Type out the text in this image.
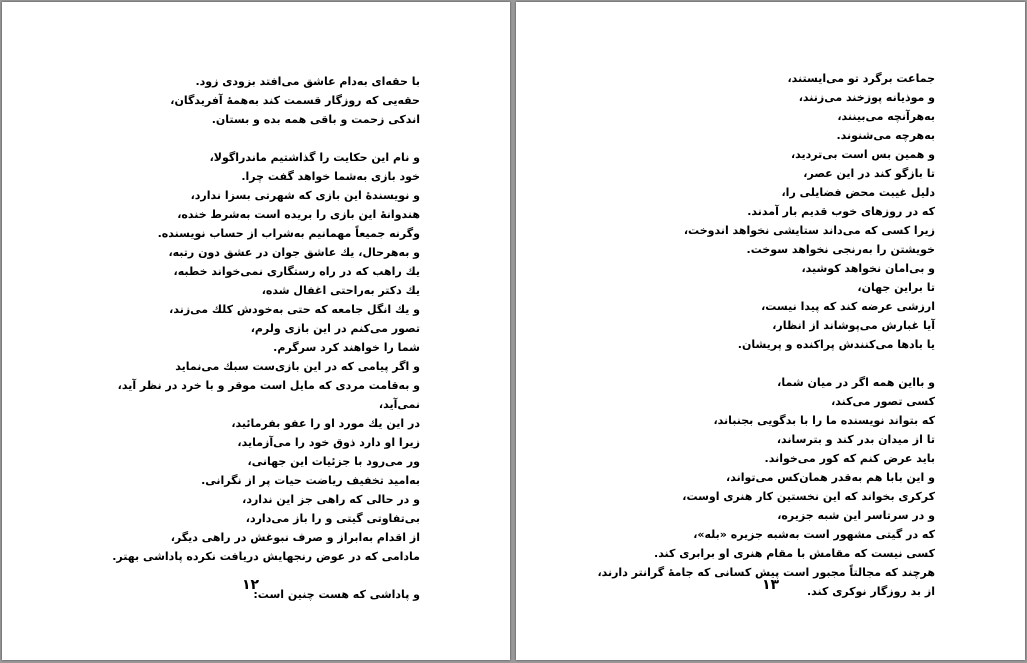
با حقه‌ای به‌دام عاشق می‌افتد بزودی زود.
حقه‌یی که روزگار قسمت کند به‌همهٔ آفریدگان،
اندکی زحمت و باقی همه بده و بستان.
و نام این حکایت را گذاشتیم ماندراگولا،
خود بازی به‌شما خواهد گفت چرا.
و نویسندهٔ این بازی که شهرتی بسزا ندارد،
هندوانهٔ این بازی را بریده است به‌شرط خنده،
وگرنه جمیعاً مهمانیم به‌شراب از حساب نویسنده.
و به‌هرحال، یك عاشق جوان در عشق دون رتبه،
یك راهب که در راه رستگاری نمی‌خواند خطبه،
یك دکتر به‌راحتی اغفال شده،
و یك انگل جامعه که حتی به‌خودش کلك می‌زند،
تصور می‌کنم در این بازی ولرم،
شما را خواهند کرد سرگرم.
و اگر پیامی که در این بازی‌ست سبك می‌نماید
و به‌قامت مردی که مایل است موقر و با خرد در نظر آید،
نمی‌آید،
در این یك مورد او را عفو بفرمائید،
زیرا او دارد ذوق خود را می‌آزماید،
ور می‌رود با جزئیات این جهانی،
به‌امید تخفیف ریاضت حیات پر از نگرانی.
و در حالی که راهی جز این ندارد،
بی‌تفاوتی گیتی و را باز می‌دارد،
از اقدام به‌ابراز و صرف نبوغش در راهی دیگر،
مادامی که در عوض رنجهایش دریافت نکرده پاداشی بهتر.
و پاداشی که هست چنین است:
۱۲
جماعت برگرد تو می‌ایستند،
و موذیانه پوزخند می‌زنند،
به‌هرآنچه می‌بینند،
به‌هرچه می‌شنوند.
و همین بس است بی‌تردید،
تا بازگو کند در این عصر،
دلیل غیبت محض فضایلی را،
که در روزهای خوب قدیم بار آمدند.
زیرا کسی که می‌داند ستایشی نخواهد اندوخت،
خویشتن را به‌رنجی نخواهد سوخت.
و بی‌امان نخواهد کوشید،
تا براین جهان،
ارزشی عرضه کند که پیدا نیست،
آیا غبارش می‌پوشاند از انظار،
یا بادها می‌کنندش پراکنده و پریشان.
و بااین همه اگر در میان شما،
کسی تصور می‌کند،
که بتواند نویسنده ما را با بدگویی بجنباند،
تا از میدان بدر کند و بترساند،
باید عرض کنم که کور می‌خواند.
و این بابا هم به‌قدر همان‌کس می‌تواند،
کرکری بخواند که این نخستین کار هنری اوست،
و در سرتاسر این شبه جزیره،
که در گیتی مشهور است به‌شبه جزیره «بله»،
کسی نیست که مقامش با مقام هنری او برابری کند.
هرچند که مجالتاً مجبور است پیش کسانی که جامهٔ گرانتر دارند،
از بد روزگار نوکری کند.
۱۳
